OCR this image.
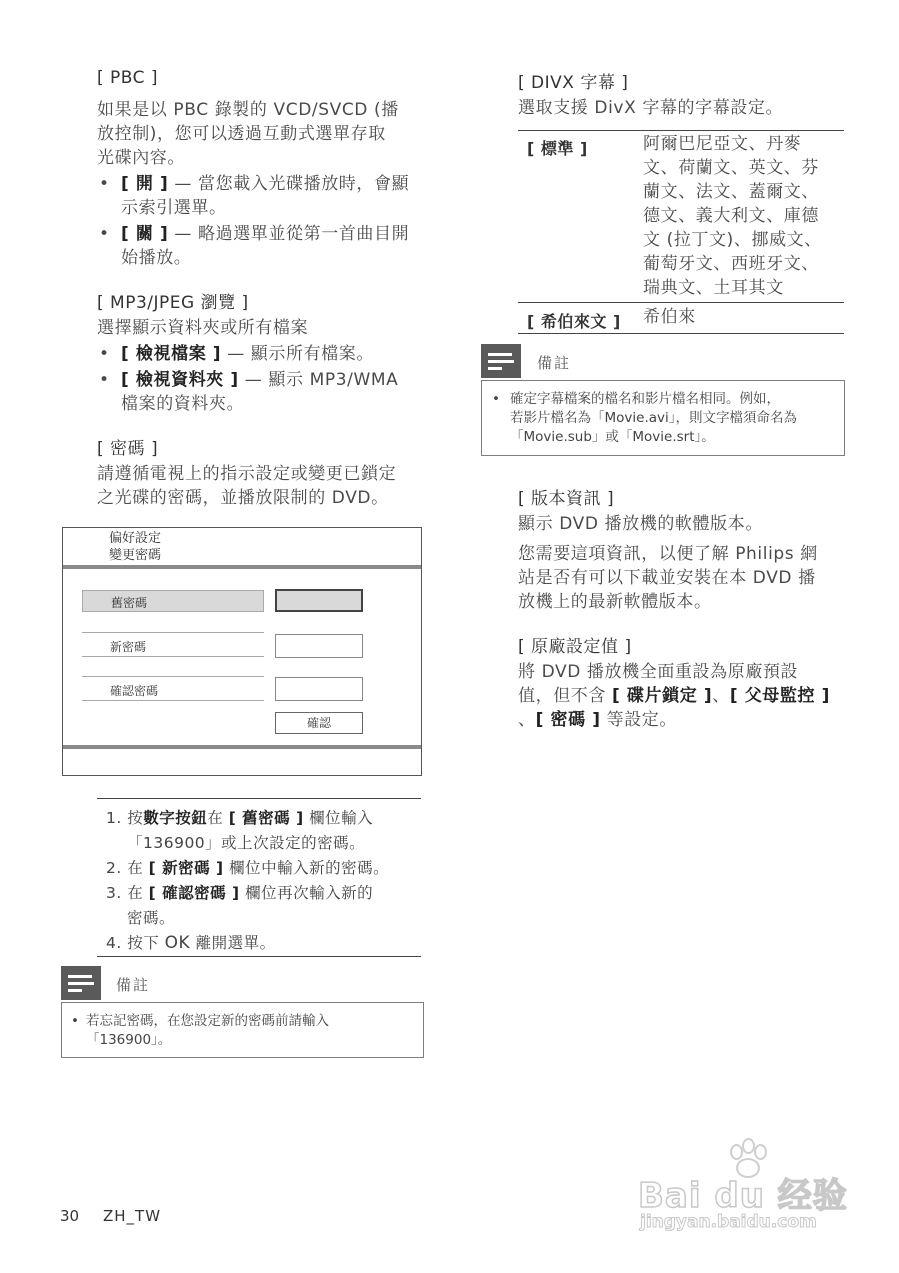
[ PBC ]
如果是以 PBC 錄製的 VCD/SVCD (播
放控制)，您可以透過互動式選單存取
光碟內容。
• [ 開 ] — 當您載入光碟播放時，會顯
示索引選單。
• [ 關 ] — 略過選單並從第一首曲目開
始播放。
[ MP3/JPEG 瀏覽 ]
選擇顯示資料夾或所有檔案
• [ 檢視檔案 ] — 顯示所有檔案。
• [ 檢視資料夾 ] — 顯示 MP3/WMA
檔案的資料夾。
[ 密碼 ]
請遵循電視上的指示設定或變更已鎖定
之光碟的密碼，並播放限制的 DVD。
偏好設定
變更密碼
舊密碼
新密碼
確認密碼
確認
1. 按數字按鈕在 [ 舊密碼 ] 欄位輸入
「136900」或上次設定的密碼。
2. 在 [ 新密碼 ] 欄位中輸入新的密碼。
3. 在 [ 確認密碼 ] 欄位再次輸入新的
密碼。
4. 按下 OK 離開選單。
備註
• 若忘記密碼，在您設定新的密碼前請輸入
「136900」。
30 ZH_TW
[ DIVX 字幕 ]
選取支援 DivX 字幕的字幕設定。
[ 標準 ]	阿爾巴尼亞文、丹麥
文、荷蘭文、英文、芬
蘭文、法文、蓋爾文、
德文、義大利文、庫德
文 (拉丁文)、挪威文、
葡萄牙文、西班牙文、
瑞典文、土耳其文
[ 希伯來文 ] 希伯來
備註
• 確定字幕檔案的檔名和影片檔名相同。例如，
若影片檔名為「Movie.avi」，則文字檔須命名為
「Movie.sub」或「Movie.srt」。
[ 版本資訊 ]
顯示 DVD 播放機的軟體版本。
您需要這項資訊，以便了解 Philips 網
站是否有可以下載並安裝在本 DVD 播
放機上的最新軟體版本。
[ 原廠設定值 ]
將 DVD 播放機全面重設為原廠預設
值，但不含 [ 碟片鎖定 ]、[ 父母監控 ]
、[ 密碼 ] 等設定。
Bai du 经验
jingyan.baidu.com
